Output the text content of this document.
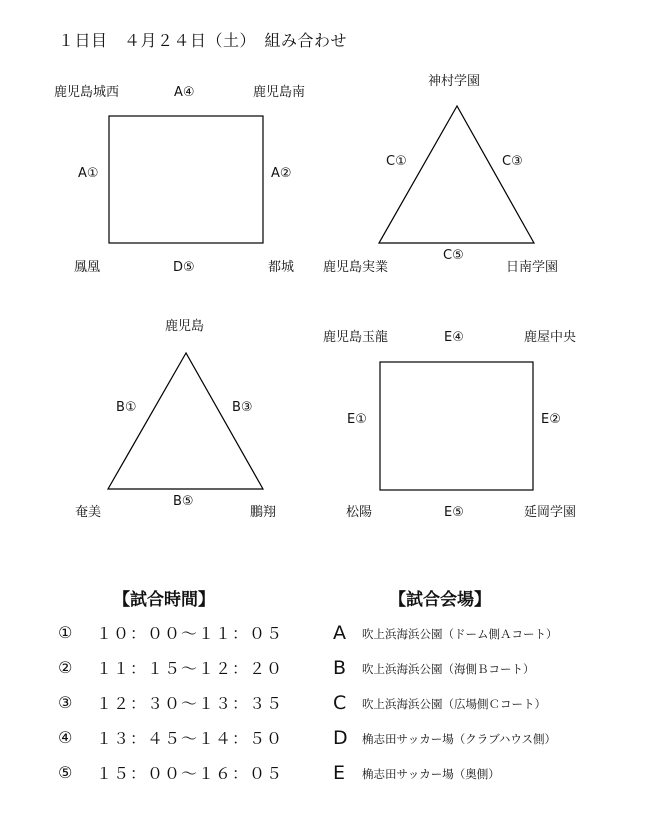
１日目　４月２４日（土）　組み合わせ
鹿児島城西	A④	鹿児島南
A①	A②
鳳凰	D⑤	都城
神村学園
C①	C③
鹿児島実業
C⑤
日南学園
鹿児島
B①	B③
奄美
B⑤
鵬翔
鹿児島玉龍	E④	鹿屋中央
E①	E②
松陽	E⑤	延岡学園
【試合時間】
① １０：００～１１：０５
② １１：１５～１２：２０
③ １２：３０～１３：３５
④ １３：４５～１４：５０
⑤ １５：００～１６：０５
【試合会場】
A 吹上浜海浜公園（ドーム側Ａコート）
B 吹上浜海浜公園（海側Ｂコート）
C 吹上浜海浜公園（広場側Ｃコート）
D 桷志田サッカー場（クラブハウス側）
E 桷志田サッカー場（奥側）
